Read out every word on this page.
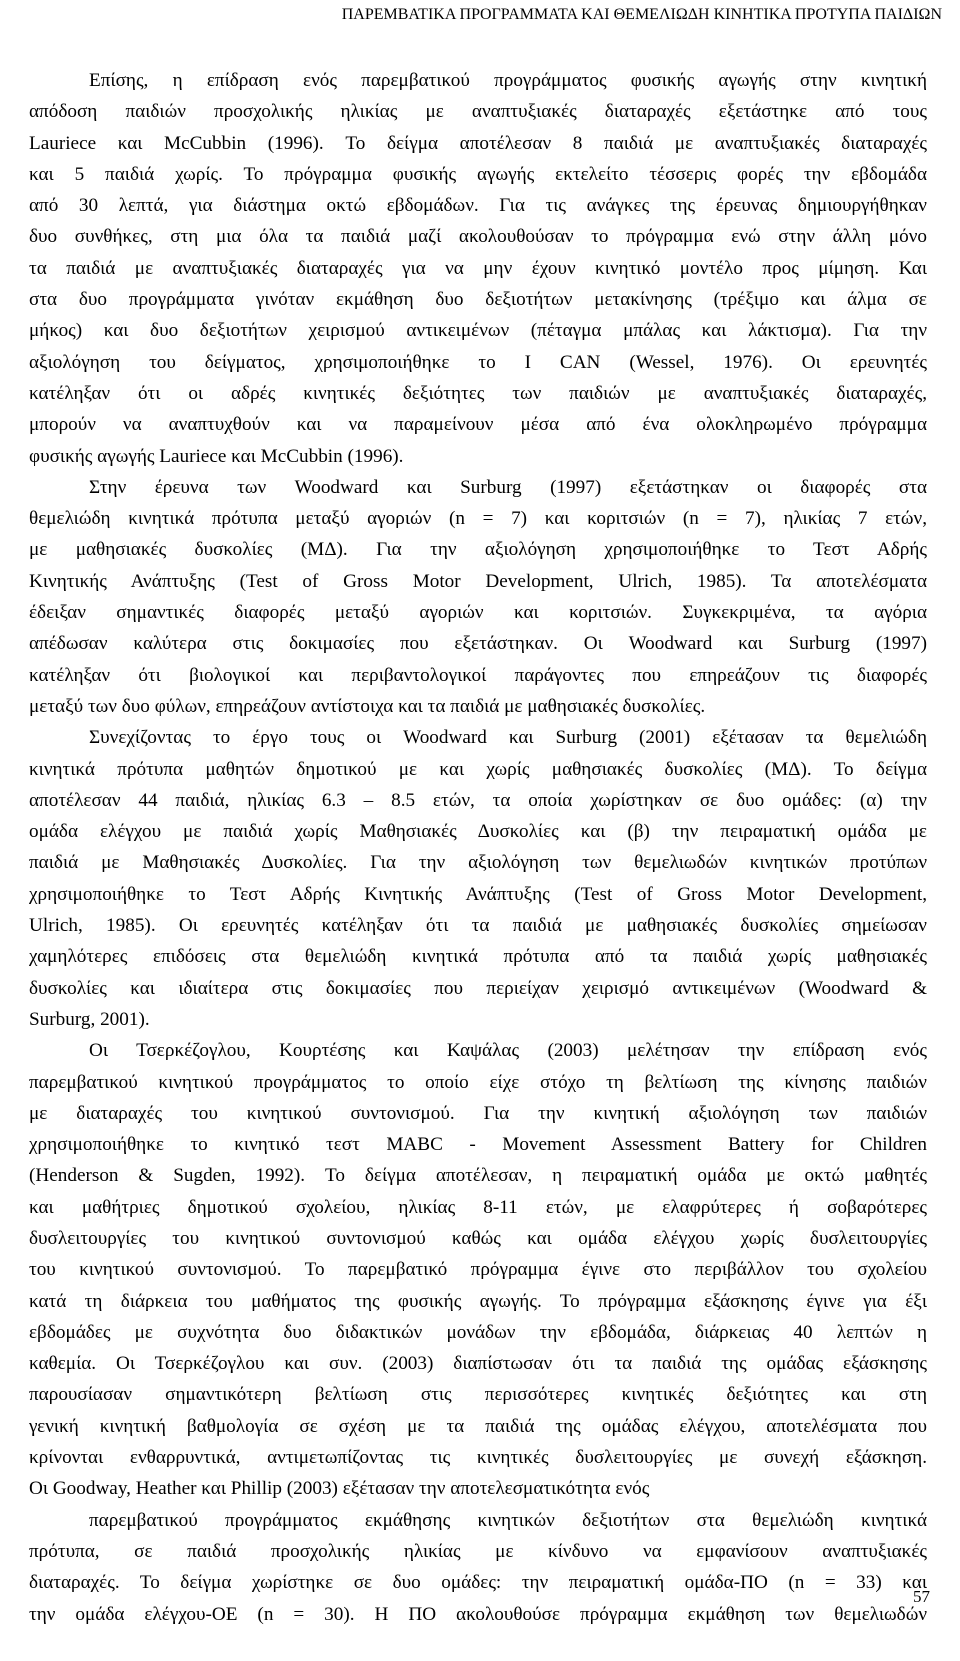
ΠΑΡΕΜΒΑΤΙΚΑ ΠΡΟΓΡΑΜΜΑΤΑ ΚΑΙ ΘΕΜΕΛΙΩΔΗ ΚΙΝΗΤΙΚΑ ΠΡΟΤΥΠΑ ΠΑΙΔΙΩΝ
Επίσης, η επίδραση ενός παρεμβατικού προγράμματος φυσικής αγωγής στην κινητική
απόδοση παιδιών προσχολικής ηλικίας με αναπτυξιακές διαταραχές εξετάστηκε από τους
Lauriece και McCubbin (1996). Το δείγμα αποτέλεσαν 8 παιδιά με αναπτυξιακές διαταραχές
και 5 παιδιά χωρίς. Το πρόγραμμα φυσικής αγωγής εκτελείτο τέσσερις φορές την εβδομάδα
από 30 λεπτά, για διάστημα οκτώ εβδομάδων. Για τις ανάγκες της έρευνας δημιουργήθηκαν
δυο συνθήκες, στη μια όλα τα παιδιά μαζί ακολουθούσαν το πρόγραμμα ενώ στην άλλη μόνο
τα παιδιά με αναπτυξιακές διαταραχές για να μην έχουν κινητικό μοντέλο προς μίμηση. Και
στα δυο προγράμματα γινόταν εκμάθηση δυο δεξιοτήτων μετακίνησης (τρέξιμο και άλμα σε
μήκος) και δυο δεξιοτήτων χειρισμού αντικειμένων (πέταγμα μπάλας και λάκτισμα). Για την
αξιολόγηση του δείγματος, χρησιμοποιήθηκε το I CAN (Wessel, 1976). Οι ερευνητές
κατέληξαν ότι οι αδρές κινητικές δεξιότητες των παιδιών με αναπτυξιακές διαταραχές,
μπορούν να αναπτυχθούν και να παραμείνουν μέσα από ένα ολοκληρωμένο πρόγραμμα
φυσικής αγωγής Lauriece και McCubbin (1996).
Στην έρευνα των Woodward και Surburg (1997) εξετάστηκαν οι διαφορές στα
θεμελιώδη κινητικά πρότυπα μεταξύ αγοριών (n = 7) και κοριτσιών (n = 7), ηλικίας 7 ετών,
με μαθησιακές δυσκολίες (ΜΔ). Για την αξιολόγηση χρησιμοποιήθηκε το Τεστ Αδρής
Κινητικής Ανάπτυξης (Test of Gross Motor Development, Ulrich, 1985). Τα αποτελέσματα
έδειξαν σημαντικές διαφορές μεταξύ αγοριών και κοριτσιών. Συγκεκριμένα, τα αγόρια
απέδωσαν καλύτερα στις δοκιμασίες που εξετάστηκαν. Οι Woodward και Surburg (1997)
κατέληξαν ότι βιολογικοί και περιβαντολογικοί παράγοντες που επηρεάζουν τις διαφορές
μεταξύ των δυο φύλων, επηρεάζουν αντίστοιχα και τα παιδιά με μαθησιακές δυσκολίες.
Συνεχίζοντας το έργο τους οι Woodward και Surburg (2001) εξέτασαν τα θεμελιώδη
κινητικά πρότυπα μαθητών δημοτικού με και χωρίς μαθησιακές δυσκολίες (ΜΔ). Το δείγμα
αποτέλεσαν 44 παιδιά, ηλικίας 6.3 – 8.5 ετών, τα οποία χωρίστηκαν σε δυο ομάδες: (α) την
ομάδα ελέγχου με παιδιά χωρίς Μαθησιακές Δυσκολίες και (β) την πειραματική ομάδα με
παιδιά με Μαθησιακές Δυσκολίες. Για την αξιολόγηση των θεμελιωδών κινητικών προτύπων
χρησιμοποιήθηκε το Τεστ Αδρής Κινητικής Ανάπτυξης (Test of Gross Motor Development,
Ulrich, 1985). Οι ερευνητές κατέληξαν ότι τα παιδιά με μαθησιακές δυσκολίες σημείωσαν
χαμηλότερες επιδόσεις στα θεμελιώδη κινητικά πρότυπα από τα παιδιά χωρίς μαθησιακές
δυσκολίες και ιδιαίτερα στις δοκιμασίες που περιείχαν χειρισμό αντικειμένων (Woodward &
Surburg, 2001).
Οι Τσερκέζογλου, Κουρτέσης και Καψάλας (2003) μελέτησαν την επίδραση ενός
παρεμβατικού κινητικού προγράμματος το οποίο είχε στόχο τη βελτίωση της κίνησης παιδιών
με διαταραχές του κινητικού συντονισμού. Για την κινητική αξιολόγηση των παιδιών
χρησιμοποιήθηκε το κινητικό τεστ MABC - Movement Assessment Battery for Children
(Henderson & Sugden, 1992). Το δείγμα αποτέλεσαν, η πειραματική ομάδα με οκτώ μαθητές
και μαθήτριες δημοτικού σχολείου, ηλικίας 8-11 ετών, με ελαφρύτερες ή σοβαρότερες
δυσλειτουργίες του κινητικού συντονισμού καθώς και ομάδα ελέγχου χωρίς δυσλειτουργίες
του κινητικού συντονισμού. Το παρεμβατικό πρόγραμμα έγινε στο περιβάλλον του σχολείου
κατά τη διάρκεια του μαθήματος της φυσικής αγωγής. Το πρόγραμμα εξάσκησης έγινε για έξι
εβδομάδες με συχνότητα δυο διδακτικών μονάδων την εβδομάδα, διάρκειας 40 λεπτών η
καθεμία. Οι Τσερκέζογλου και συν. (2003) διαπίστωσαν ότι τα παιδιά της ομάδας εξάσκησης
παρουσίασαν σημαντικότερη βελτίωση στις περισσότερες κινητικές δεξιότητες και στη
γενική κινητική βαθμολογία σε σχέση με τα παιδιά της ομάδας ελέγχου, αποτελέσματα που
κρίνονται ενθαρρυντικά, αντιμετωπίζοντας τις κινητικές δυσλειτουργίες με συνεχή εξάσκηση.
Οι Goodway, Heather και Phillip (2003) εξέτασαν την αποτελεσματικότητα ενός
παρεμβατικού προγράμματος εκμάθησης κινητικών δεξιοτήτων στα θεμελιώδη κινητικά
πρότυπα, σε παιδιά προσχολικής ηλικίας με κίνδυνο να εμφανίσουν αναπτυξιακές
διαταραχές. Το δείγμα χωρίστηκε σε δυο ομάδες: την πειραματική ομάδα-ΠΟ (n = 33) και
την ομάδα ελέγχου-ΟΕ (n = 30). Η ΠΟ ακολουθούσε πρόγραμμα εκμάθηση των θεμελιωδών
57
